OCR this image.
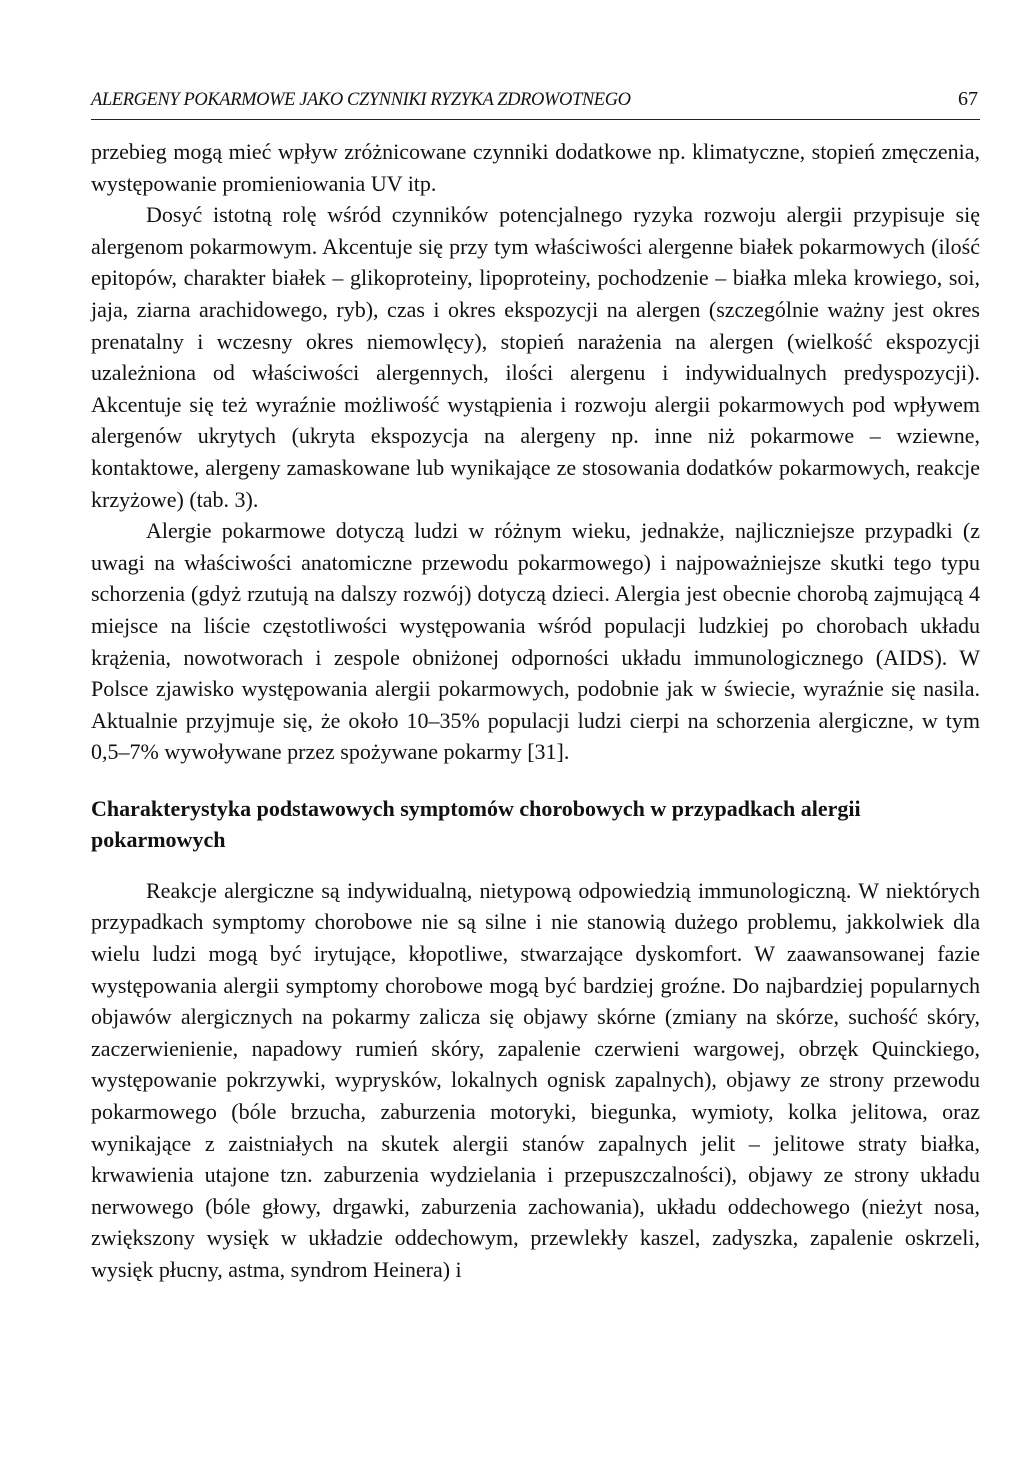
ALERGENY POKARMOWE JAKO CZYNNIKI RYZYKA ZDROWOTNEGO	67

przebieg mogą mieć wpływ zróżnicowane czynniki dodatkowe np. klimatyczne, stopień zmęczenia, występowanie promieniowania UV itp.

Dosyć istotną rolę wśród czynników potencjalnego ryzyka rozwoju alergii przypisuje się alergenom pokarmowym. Akcentuje się przy tym właściwości alergenne białek pokarmowych (ilość epitopów, charakter białek – glikoproteiny, lipoproteiny, pochodzenie – białka mleka krowiego, soi, jaja, ziarna arachidowego, ryb), czas i okres ekspozycji na alergen (szczególnie ważny jest okres prenatalny i wczesny okres niemowlęcy), stopień narażenia na alergen (wielkość ekspozycji uzależniona od właściwości alergennych, ilości alergenu i indywidualnych predyspozycji). Akcentuje się też wyraźnie możliwość wystąpienia i rozwoju alergii pokarmowych pod wpływem alergenów ukrytych (ukryta ekspozycja na alergeny np. inne niż pokarmowe – wziewne, kontaktowe, alergeny zamaskowane lub wynikające ze stosowania dodatków pokarmowych, reakcje krzyżowe) (tab. 3).

Alergie pokarmowe dotyczą ludzi w różnym wieku, jednakże, najliczniejsze przypadki (z uwagi na właściwości anatomiczne przewodu pokarmowego) i najpoważniejsze skutki tego typu schorzenia (gdyż rzutują na dalszy rozwój) dotyczą dzieci. Alergia jest obecnie chorobą zajmującą 4 miejsce na liście częstotliwości występowania wśród populacji ludzkiej po chorobach układu krążenia, nowotworach i zespole obniżonej odporności układu immunologicznego (AIDS). W Polsce zjawisko występowania alergii pokarmowych, podobnie jak w świecie, wyraźnie się nasila. Aktualnie przyjmuje się, że około 10–35% populacji ludzi cierpi na schorzenia alergiczne, w tym 0,5–7% wywoływane przez spożywane pokarmy [31].

Charakterystyka podstawowych symptomów chorobowych w przypadkach alergii pokarmowych

Reakcje alergiczne są indywidualną, nietypową odpowiedzią immunologiczną. W niektórych przypadkach symptomy chorobowe nie są silne i nie stanowią dużego problemu, jakkolwiek dla wielu ludzi mogą być irytujące, kłopotliwe, stwarzające dyskomfort. W zaawansowanej fazie występowania alergii symptomy chorobowe mogą być bardziej groźne. Do najbardziej popularnych objawów alergicznych na pokarmy zalicza się objawy skórne (zmiany na skórze, suchość skóry, zaczerwienienie, napadowy rumień skóry, zapalenie czerwieni wargowej, obrzęk Quinckiego, występowanie pokrzywki, wyprysków, lokalnych ognisk zapalnych), objawy ze strony przewodu pokarmowego (bóle brzucha, zaburzenia motoryki, biegunka, wymioty, kolka jelitowa, oraz wynikające z zaistniałych na skutek alergii stanów zapalnych jelit – jelitowe straty białka, krwawienia utajone tzn. zaburzenia wydzielania i przepuszczalności), objawy ze strony układu nerwowego (bóle głowy, drgawki, zaburzenia zachowania), układu oddechowego (nieżyt nosa, zwiększony wysięk w układzie oddechowym, przewlekły kaszel, zadyszka, zapalenie oskrzeli, wysięk płucny, astma, syndrom Heinera) i
